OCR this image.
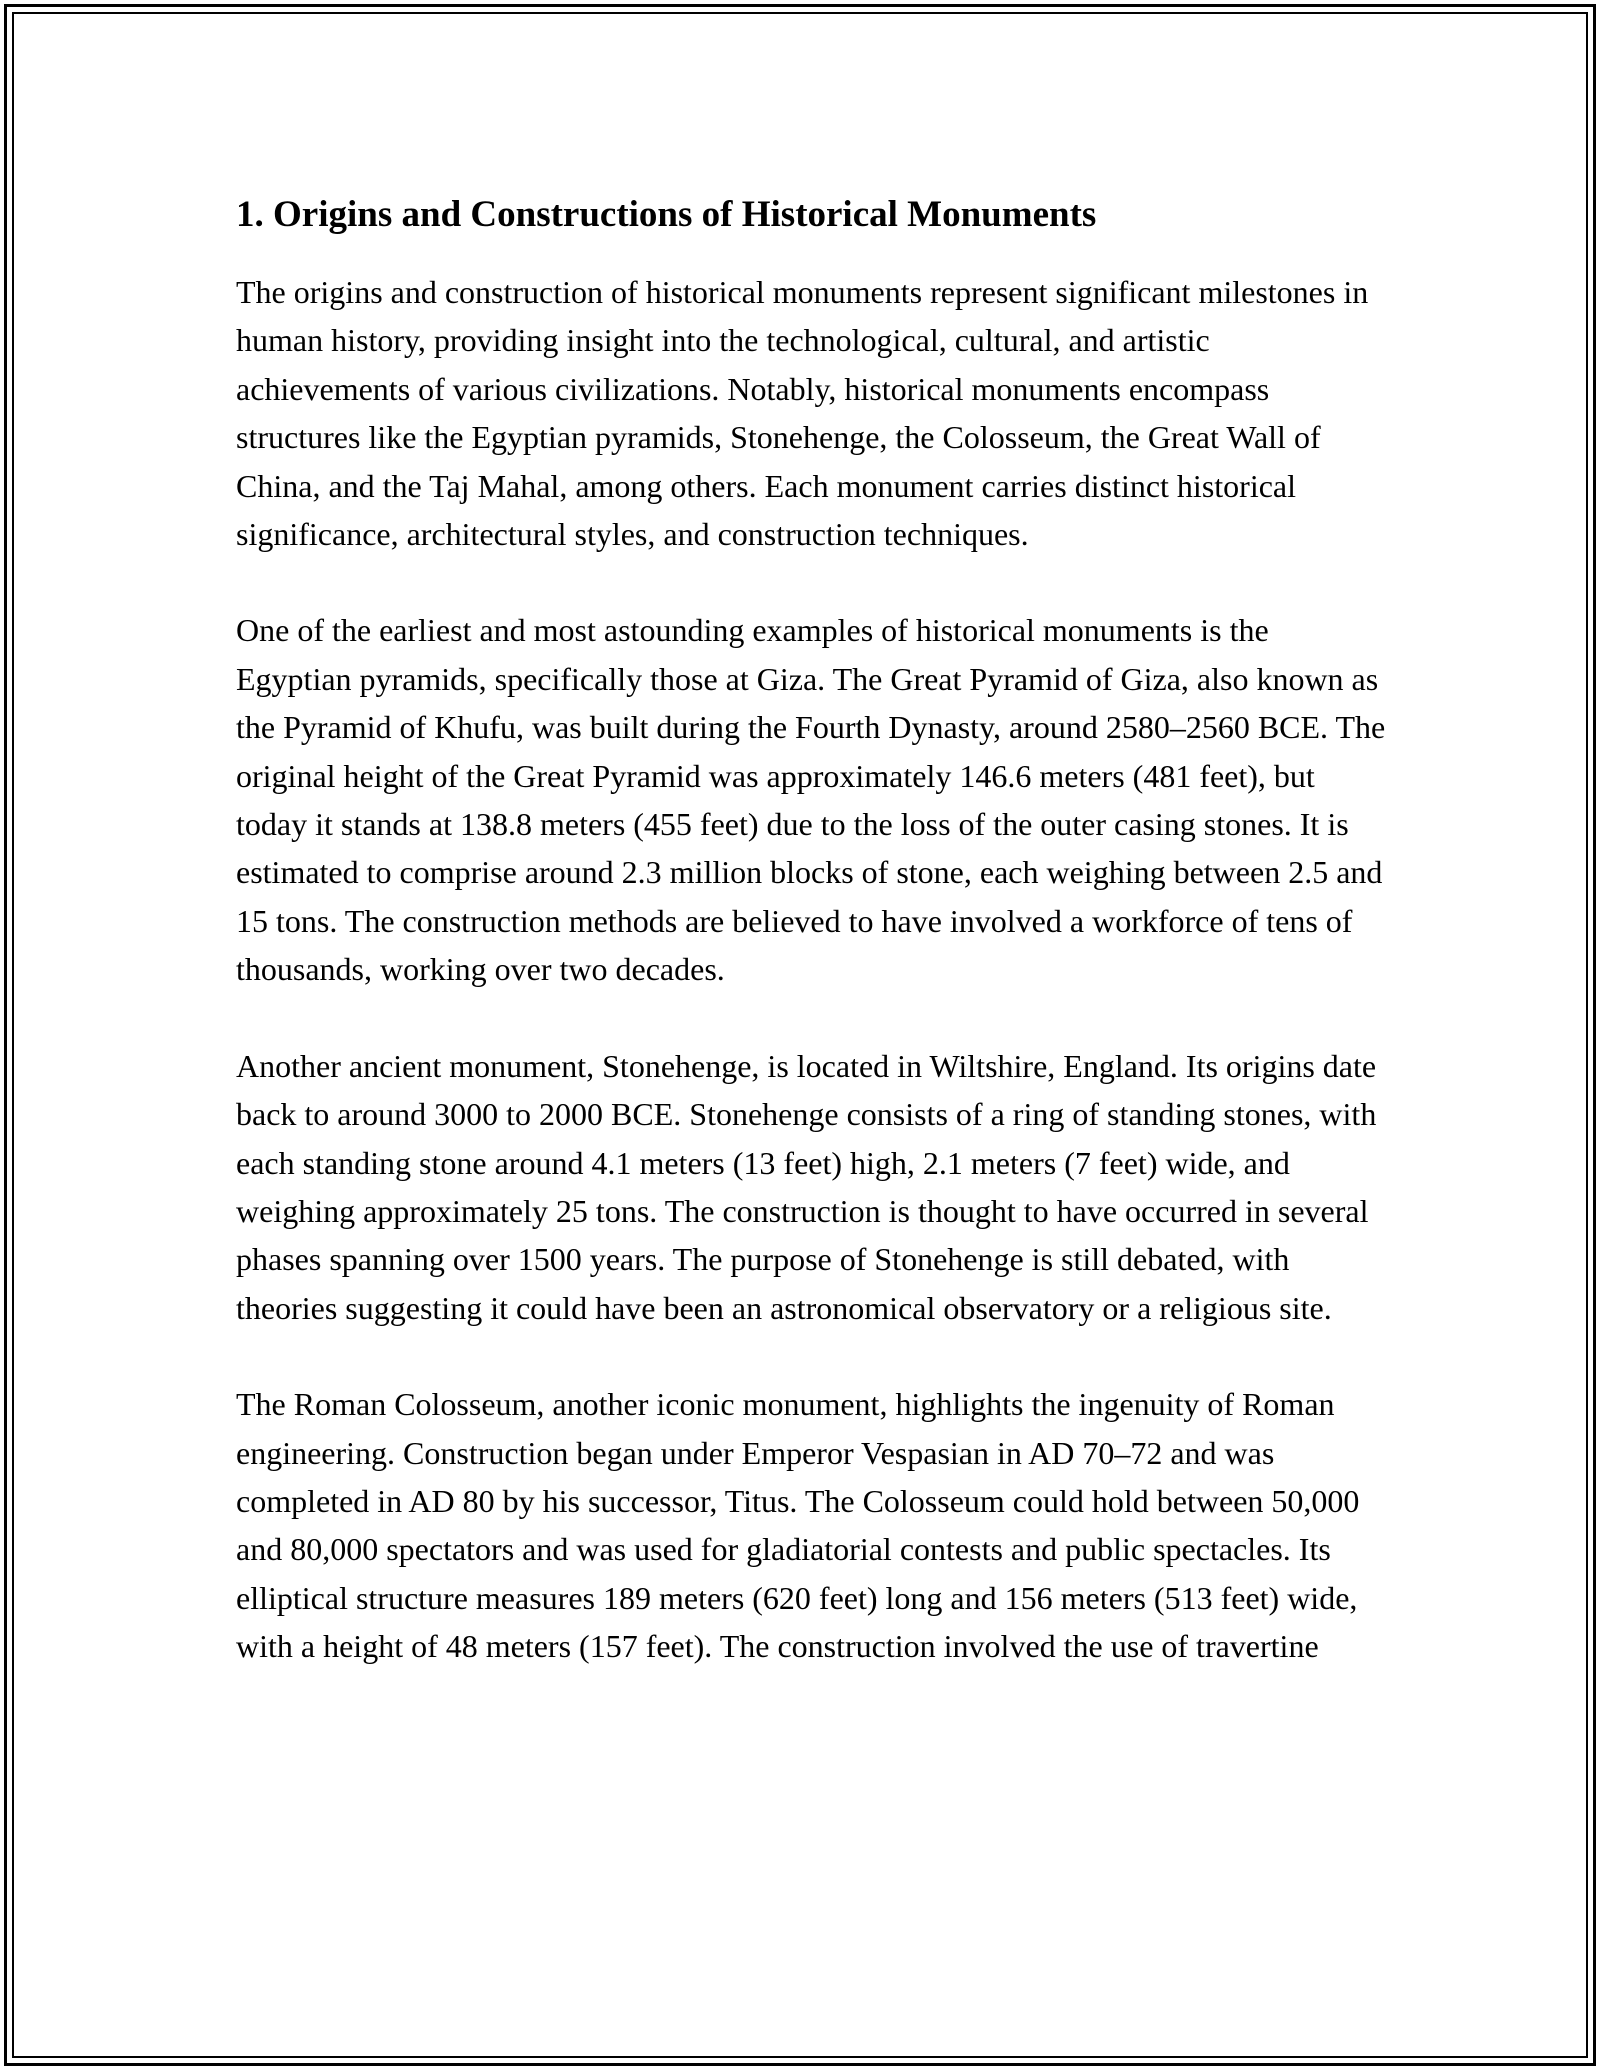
1. Origins and Constructions of Historical Monuments

The origins and construction of historical monuments represent significant milestones in human history, providing insight into the technological, cultural, and artistic achievements of various civilizations. Notably, historical monuments encompass structures like the Egyptian pyramids, Stonehenge, the Colosseum, the Great Wall of China, and the Taj Mahal, among others. Each monument carries distinct historical significance, architectural styles, and construction techniques.

One of the earliest and most astounding examples of historical monuments is the Egyptian pyramids, specifically those at Giza. The Great Pyramid of Giza, also known as the Pyramid of Khufu, was built during the Fourth Dynasty, around 2580–2560 BCE. The original height of the Great Pyramid was approximately 146.6 meters (481 feet), but today it stands at 138.8 meters (455 feet) due to the loss of the outer casing stones. It is estimated to comprise around 2.3 million blocks of stone, each weighing between 2.5 and 15 tons. The construction methods are believed to have involved a workforce of tens of thousands, working over two decades.

Another ancient monument, Stonehenge, is located in Wiltshire, England. Its origins date back to around 3000 to 2000 BCE. Stonehenge consists of a ring of standing stones, with each standing stone around 4.1 meters (13 feet) high, 2.1 meters (7 feet) wide, and weighing approximately 25 tons. The construction is thought to have occurred in several phases spanning over 1500 years. The purpose of Stonehenge is still debated, with theories suggesting it could have been an astronomical observatory or a religious site.

The Roman Colosseum, another iconic monument, highlights the ingenuity of Roman engineering. Construction began under Emperor Vespasian in AD 70–72 and was completed in AD 80 by his successor, Titus. The Colosseum could hold between 50,000 and 80,000 spectators and was used for gladiatorial contests and public spectacles. Its elliptical structure measures 189 meters (620 feet) long and 156 meters (513 feet) wide, with a height of 48 meters (157 feet). The construction involved the use of travertine
